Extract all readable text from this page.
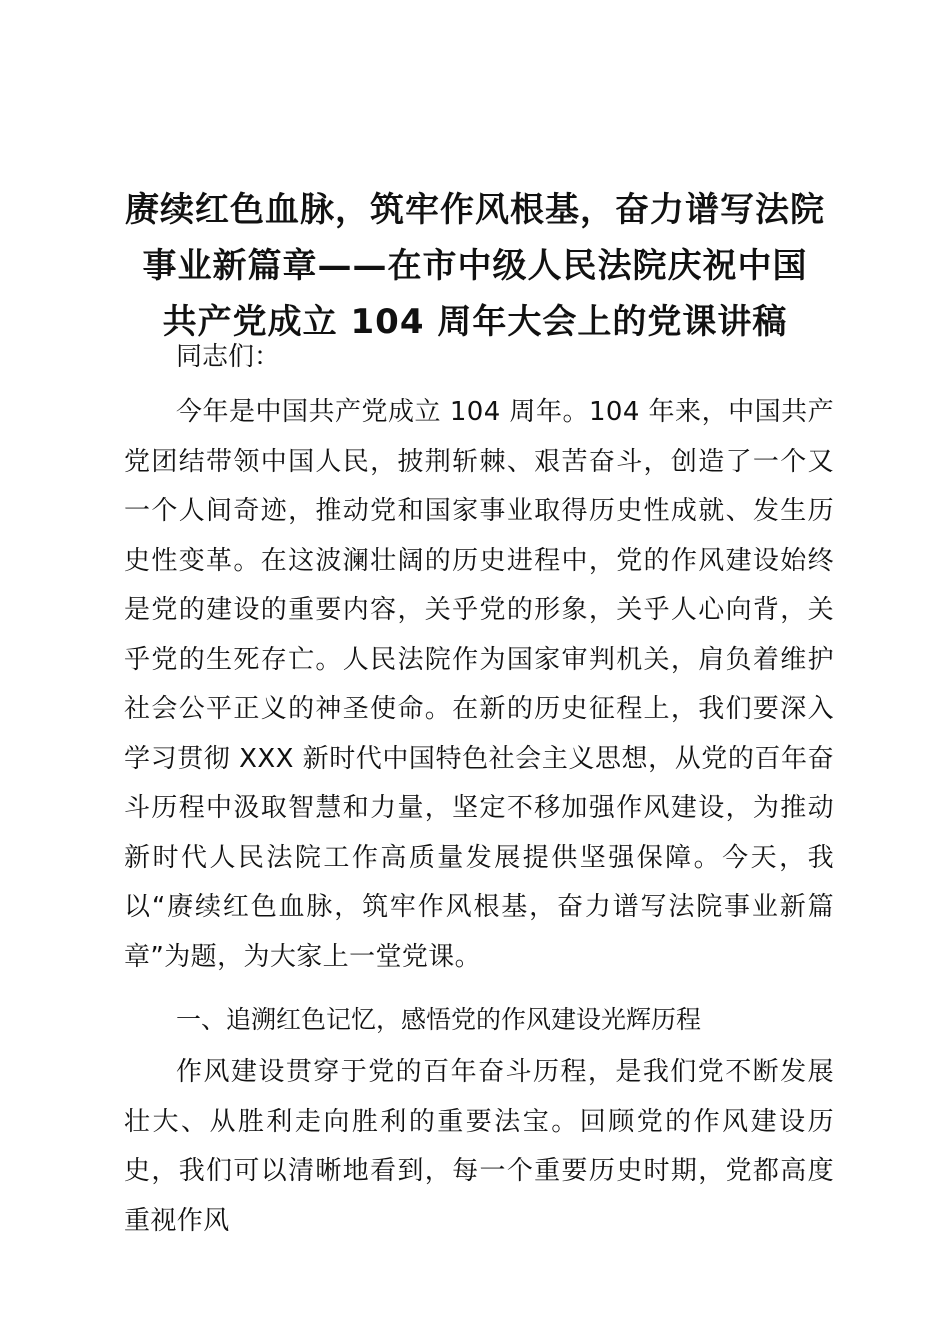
赓续红色血脉，筑牢作风根基，奋力谱写法院
事业新篇章——在市中级人民法院庆祝中国
共产党成立 104 周年大会上的党课讲稿

同志们：

今年是中国共产党成立 104 周年。104 年来，中国共产党团结带领中国人民，披荆斩棘、艰苦奋斗，创造了一个又一个人间奇迹，推动党和国家事业取得历史性成就、发生历史性变革。在这波澜壮阔的历史进程中，党的作风建设始终是党的建设的重要内容，关乎党的形象，关乎人心向背，关乎党的生死存亡。人民法院作为国家审判机关，肩负着维护社会公平正义的神圣使命。在新的历史征程上，我们要深入学习贯彻 XXX 新时代中国特色社会主义思想，从党的百年奋斗历程中汲取智慧和力量，坚定不移加强作风建设，为推动新时代人民法院工作高质量发展提供坚强保障。今天，我以“赓续红色血脉，筑牢作风根基，奋力谱写法院事业新篇章”为题，为大家上一堂党课。

一、追溯红色记忆，感悟党的作风建设光辉历程

作风建设贯穿于党的百年奋斗历程，是我们党不断发展壮大、从胜利走向胜利的重要法宝。回顾党的作风建设历史，我们可以清晰地看到，每一个重要历史时期，党都高度重视作风
